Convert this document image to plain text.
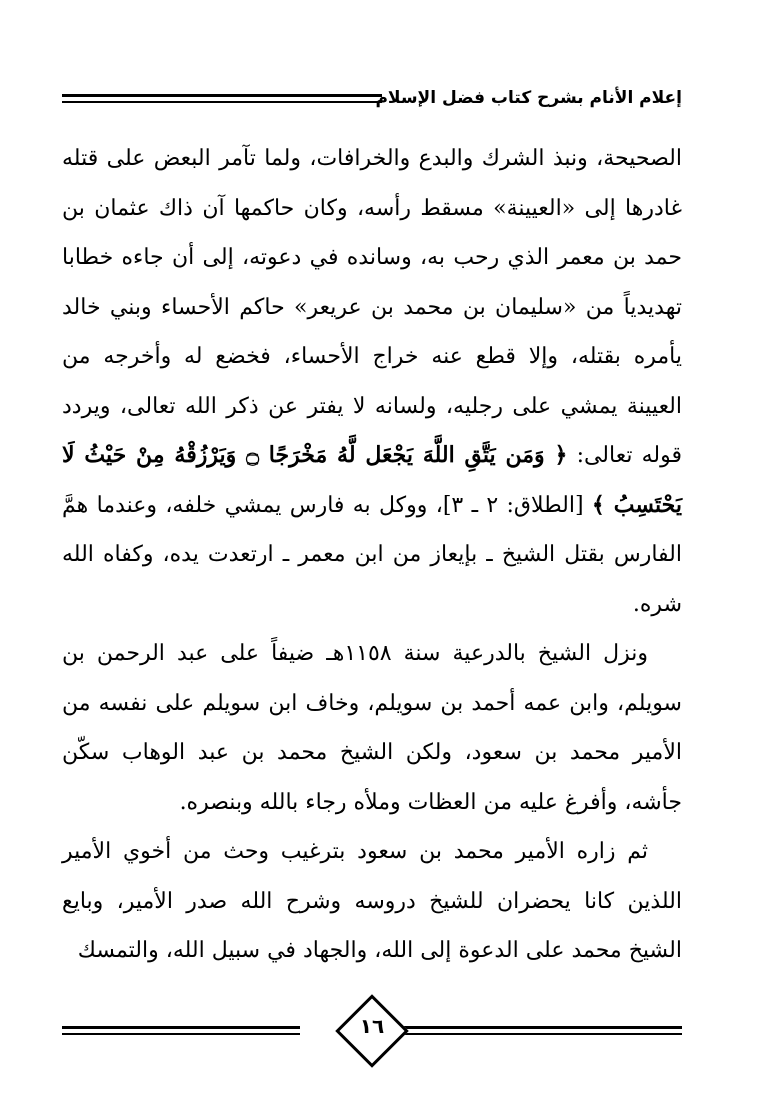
إعلام الأنام بشرح كتاب فضل الإسلام

الصحيحة، ونبذ الشرك والبدع والخرافات، ولما تآمر البعض على قتله غادرها إلى «العيينة» مسقط رأسه، وكان حاكمها آن ذاك عثمان بن حمد بن معمر الذي رحب به، وسانده في دعوته، إلى أن جاءه خطابا تهديدياً من «سليمان بن محمد بن عريعر» حاكم الأحساء وبني خالد يأمره بقتله، وإلا قطع عنه خراج الأحساء، فخضع له وأخرجه من العيينة يمشي على رجليه، ولسانه لا يفتر عن ذكر الله تعالى، ويردد قوله تعالى: ﴿ وَمَن يَتَّقِ اللَّهَ يَجْعَل لَّهُ مَخْرَجًا ۝ وَيَرْزُقْهُ مِنْ حَيْثُ لَا يَحْتَسِبُ ﴾ [الطلاق: ٢ ـ ٣]، ووكل به فارس يمشي خلفه، وعندما همَّ الفارس بقتل الشيخ ـ بإيعاز من ابن معمر ـ ارتعدت يده، وكفاه الله شره.

ونزل الشيخ بالدرعية سنة ١١٥٨هـ ضيفاً على عبد الرحمن بن سويلم، وابن عمه أحمد بن سويلم، وخاف ابن سويلم على نفسه من الأمير محمد بن سعود، ولكن الشيخ محمد بن عبد الوهاب سكّن جأشه، وأفرغ عليه من العظات وملأه رجاء بالله وبنصره.

ثم زاره الأمير محمد بن سعود بترغيب وحث من أخوي الأمير اللذين كانا يحضران للشيخ دروسه وشرح الله صدر الأمير، وبايع الشيخ محمد على الدعوة إلى الله، والجهاد في سبيل الله، والتمسك

١٦
